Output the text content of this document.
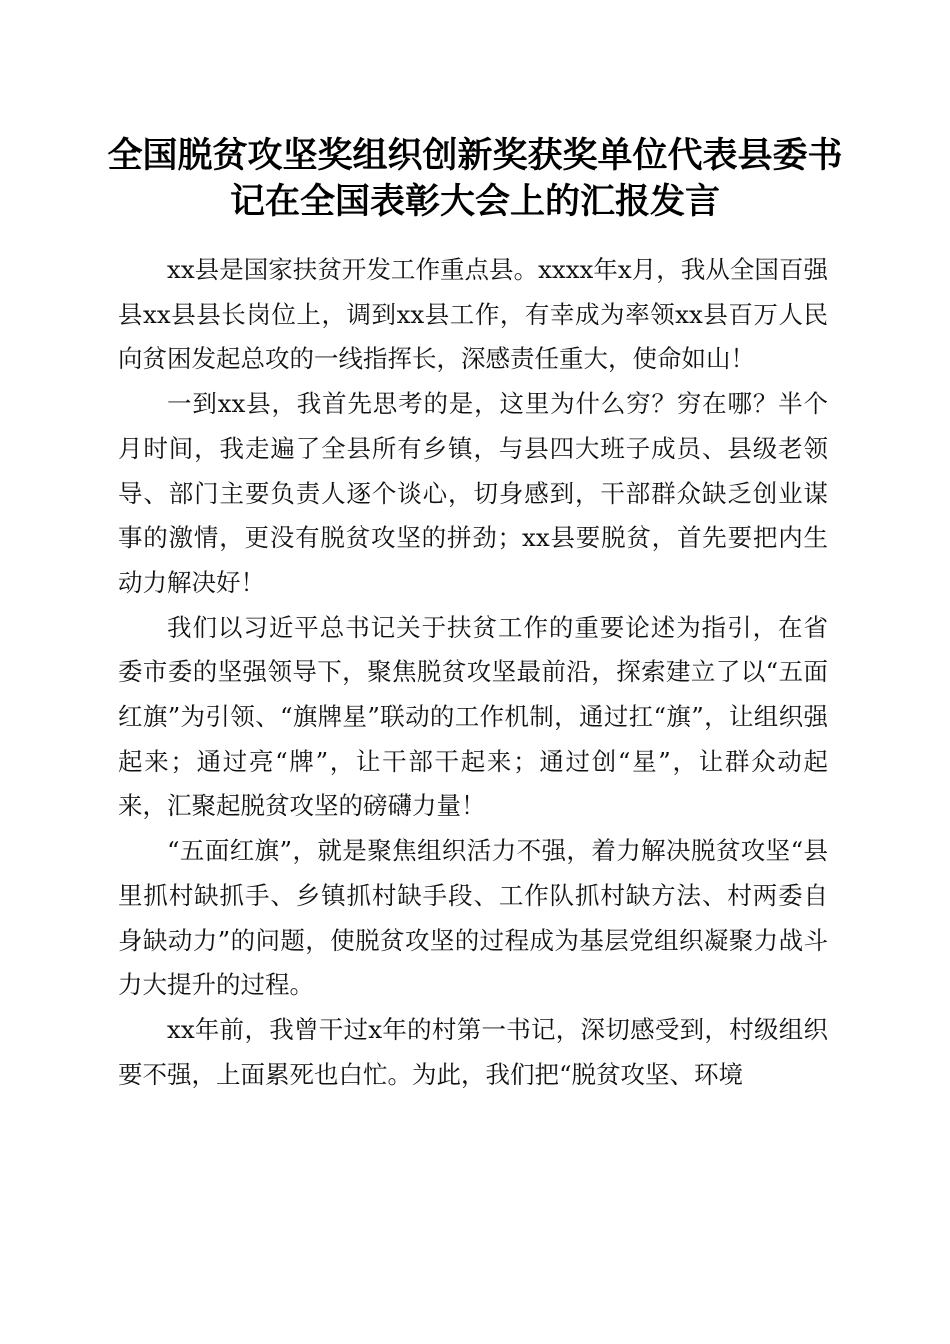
全国脱贫攻坚奖组织创新奖获奖单位代表县委书记在全国表彰大会上的汇报发言

xx县是国家扶贫开发工作重点县。xxxx年x月，我从全国百强县xx县县长岗位上，调到xx县工作，有幸成为率领xx县百万人民向贫困发起总攻的一线指挥长，深感责任重大，使命如山！

一到xx县，我首先思考的是，这里为什么穷？穷在哪？半个月时间，我走遍了全县所有乡镇，与县四大班子成员、县级老领导、部门主要负责人逐个谈心，切身感到，干部群众缺乏创业谋事的激情，更没有脱贫攻坚的拼劲；xx县要脱贫，首先要把内生动力解决好！

我们以习近平总书记关于扶贫工作的重要论述为指引，在省委市委的坚强领导下，聚焦脱贫攻坚最前沿，探索建立了以“五面红旗”为引领、“旗牌星”联动的工作机制，通过扛“旗”，让组织强起来；通过亮“牌”，让干部干起来；通过创“星”，让群众动起来，汇聚起脱贫攻坚的磅礴力量！

“五面红旗”，就是聚焦组织活力不强，着力解决脱贫攻坚“县里抓村缺抓手、乡镇抓村缺手段、工作队抓村缺方法、村两委自身缺动力”的问题，使脱贫攻坚的过程成为基层党组织凝聚力战斗力大提升的过程。

xx年前，我曾干过x年的村第一书记，深切感受到，村级组织要不强，上面累死也白忙。为此，我们把“脱贫攻坚、环境
